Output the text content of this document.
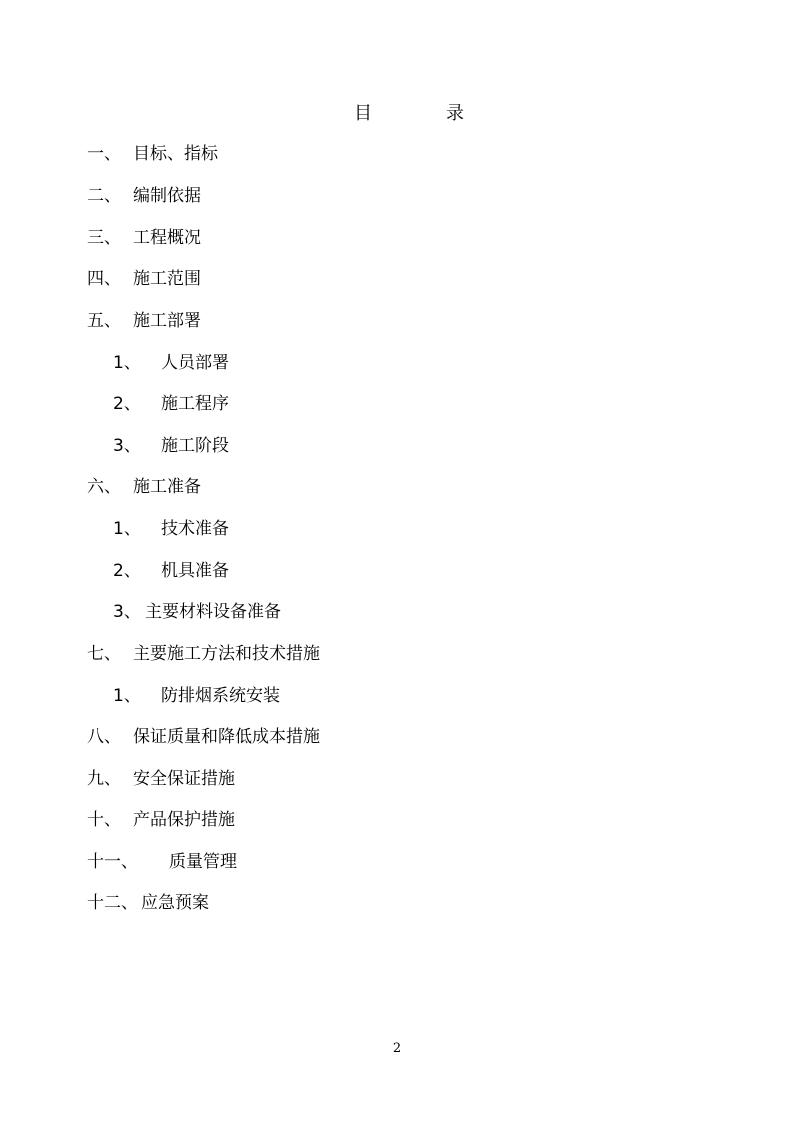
目	录
一、 目标、指标
二、 编制依据
三、 工程概况
四、 施工范围
五、 施工部署
1、 人员部署
2、 施工程序
3、 施工阶段
六、 施工准备
1、 技术准备
2、 机具准备
3、 主要材料设备准备
七、 主要施工方法和技术措施
1、 防排烟系统安装
八、 保证质量和降低成本措施
九、 安全保证措施
十、 产品保护措施
十一、 质量管理
十二、 应急预案
2
